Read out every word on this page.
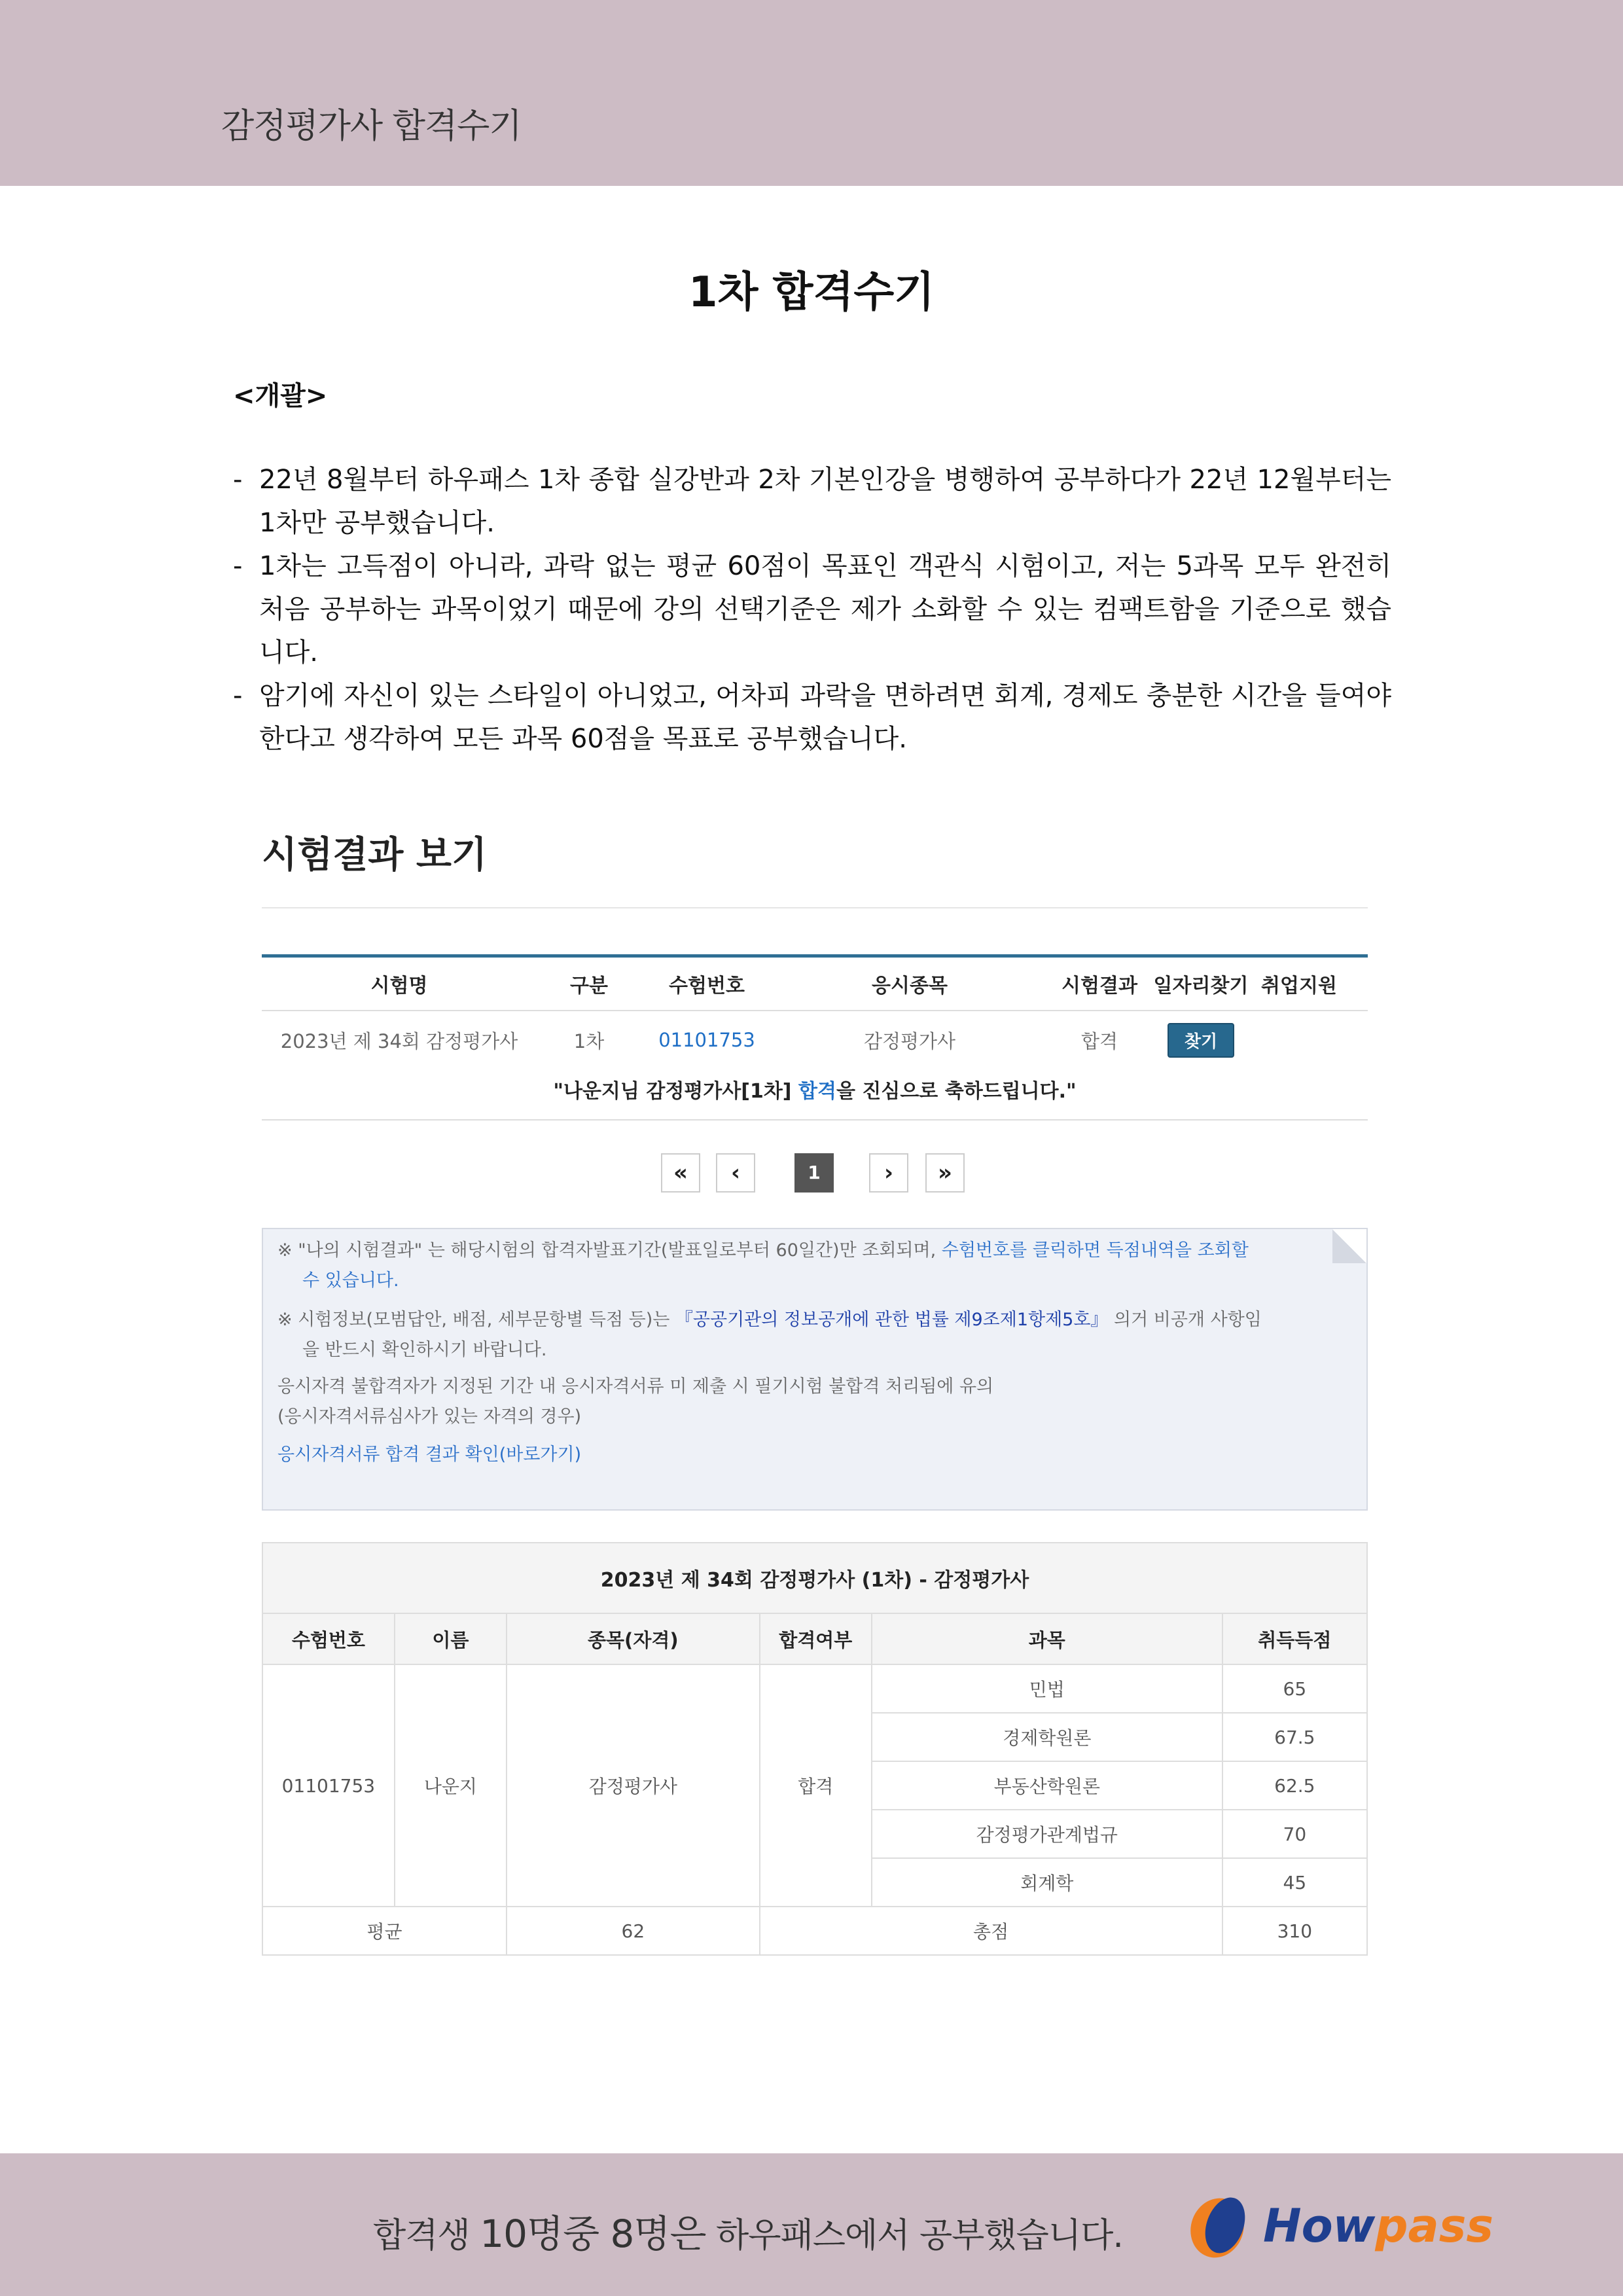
감정평가사 합격수기
1차 합격수기
<개괄>
- 22년 8월부터 하우패스 1차 종합 실강반과 2차 기본인강을 병행하여 공부하다가 22년 12월부터는 1차만 공부했습니다.
- 1차는 고득점이 아니라, 과락 없는 평균 60점이 목표인 객관식 시험이고, 저는 5과목 모두 완전히 처음 공부하는 과목이었기 때문에 강의 선택기준은 제가 소화할 수 있는 컴팩트함을 기준으로 했습니다.
- 암기에 자신이 있는 스타일이 아니었고, 어차피 과락을 면하려면 회계, 경제도 충분한 시간을 들여야 한다고 생각하여 모든 과목 60점을 목표로 공부했습니다.
시험결과 보기
시험명	구분	수험번호	응시종목	시험결과 일자리찾기 취업지원
2023년 제 34회 감정평가사	1차	01101753	감정평가사	합격	찾기
"나운지님 감정평가사[1차] 합격을 진심으로 축하드립니다."
«	‹	1	›	»
※ "나의 시험결과" 는 해당시험의 합격자발표기간(발표일로부터 60일간)만 조회되며, 수험번호를 클릭하면 득점내역을 조회할
수 있습니다.
※ 시험정보(모범답안, 배점, 세부문항별 득점 등)는 『공공기관의 정보공개에 관한 법률 제9조제1항제5호』 의거 비공개 사항임
을 반드시 확인하시기 바랍니다.
응시자격 불합격자가 지정된 기간 내 응시자격서류 미 제출 시 필기시험 불합격 처리됨에 유의
(응시자격서류심사가 있는 자격의 경우)
응시자격서류 합격 결과 확인(바로가기)
2023년 제 34회 감정평가사 (1차) - 감정평가사					
수험번호	이름	종목(자격)	합격여부	과목	취득득점
01101753	나운지	감정평가사	합격	민법	65
				경제학원론	67.5
				부동산학원론	62.5
				감정평가관계법규	70
				회계학	45
평균		62	총점		310
합격생 10명중 8명은 하우패스에서 공부했습니다.	Howpass
